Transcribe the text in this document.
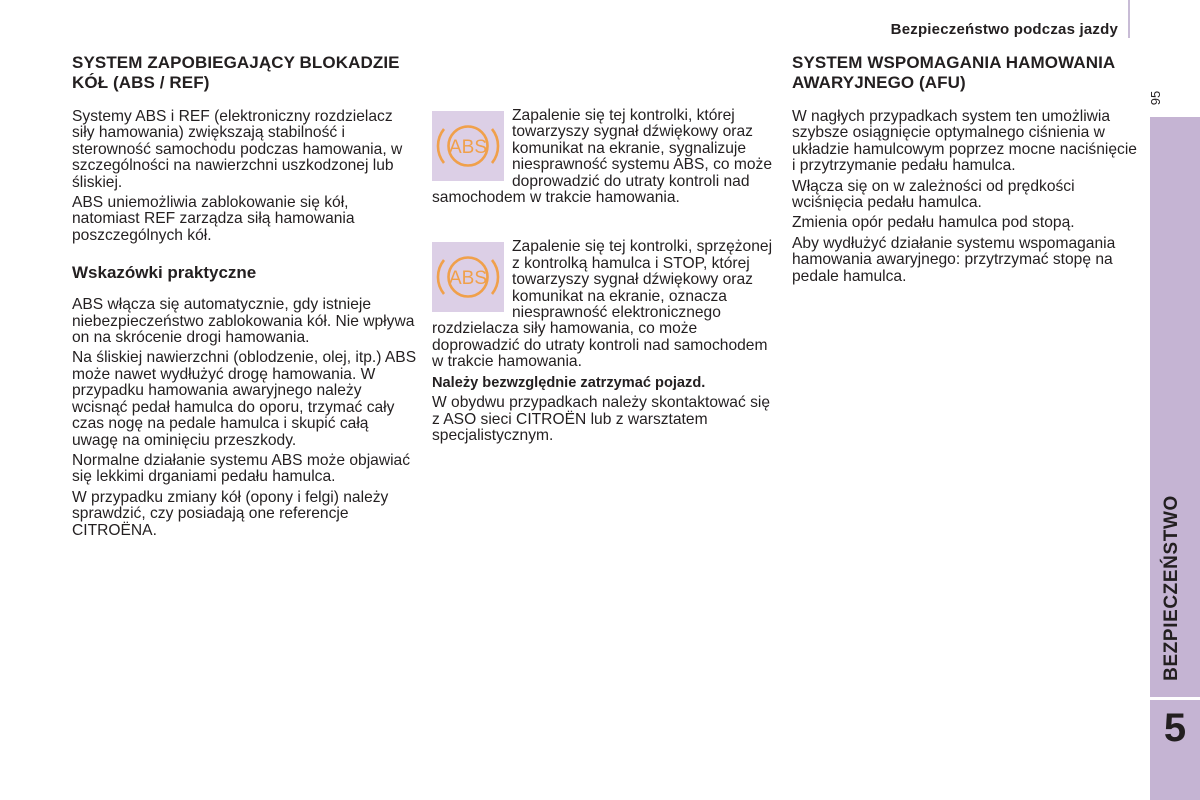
Bezpieczeństwo podczas jazdy
95
BEZPIECZEŃSTWO
5
SYSTEM ZAPOBIEGAJĄCY BLOKADZIE KÓŁ (ABS / REF)

Systemy ABS i REF (elektroniczny rozdzielacz siły hamowania) zwiększają stabilność i sterowność samochodu podczas hamowania, w szczególności na nawierzchni uszkodzonej lub śliskiej.

ABS uniemożliwia zablokowanie się kół, natomiast REF zarządza siłą hamowania poszczególnych kół.

Wskazówki praktyczne

ABS włącza się automatycznie, gdy istnieje niebezpieczeństwo zablokowania kół. Nie wpływa on na skrócenie drogi hamowania.

Na śliskiej nawierzchni (oblodzenie, olej, itp.) ABS może nawet wydłużyć drogę hamowania. W przypadku hamowania awaryjnego należy wcisnąć pedał hamulca do oporu, trzymać cały czas nogę na pedale hamulca i skupić całą uwagę na ominięciu przeszkody.

Normalne działanie systemu ABS może objawiać się lekkimi drganiami pedału hamulca.

W przypadku zmiany kół (opony i felgi) należy sprawdzić, czy posiadają one referencje CITROËNA.

ABS

Zapalenie się tej kontrolki, której towarzyszy sygnał dźwiękowy oraz komunikat na ekranie, sygnalizuje niesprawność systemu ABS, co może doprowadzić do utraty kontroli nad samochodem w trakcie hamowania.

ABS

Zapalenie się tej kontrolki, sprzężonej z kontrolką hamulca i STOP, której towarzyszy sygnał dźwiękowy oraz komunikat na ekranie, oznacza niesprawność elektronicznego rozdzielacza siły hamowania, co może doprowadzić do utraty kontroli nad samochodem w trakcie hamowania.

Należy bezwzględnie zatrzymać pojazd.

W obydwu przypadkach należy skontaktować się z ASO sieci CITROËN lub z warsztatem specjalistycznym.

SYSTEM WSPOMAGANIA HAMOWANIA AWARYJNEGO (AFU)

W nagłych przypadkach system ten umożliwia szybsze osiągnięcie optymalnego ciśnienia w układzie hamulcowym poprzez mocne naciśnięcie i przytrzymanie pedału hamulca.

Włącza się on w zależności od prędkości wciśnięcia pedału hamulca.

Zmienia opór pedału hamulca pod stopą.

Aby wydłużyć działanie systemu wspomagania hamowania awaryjnego: przytrzymać stopę na pedale hamulca.
